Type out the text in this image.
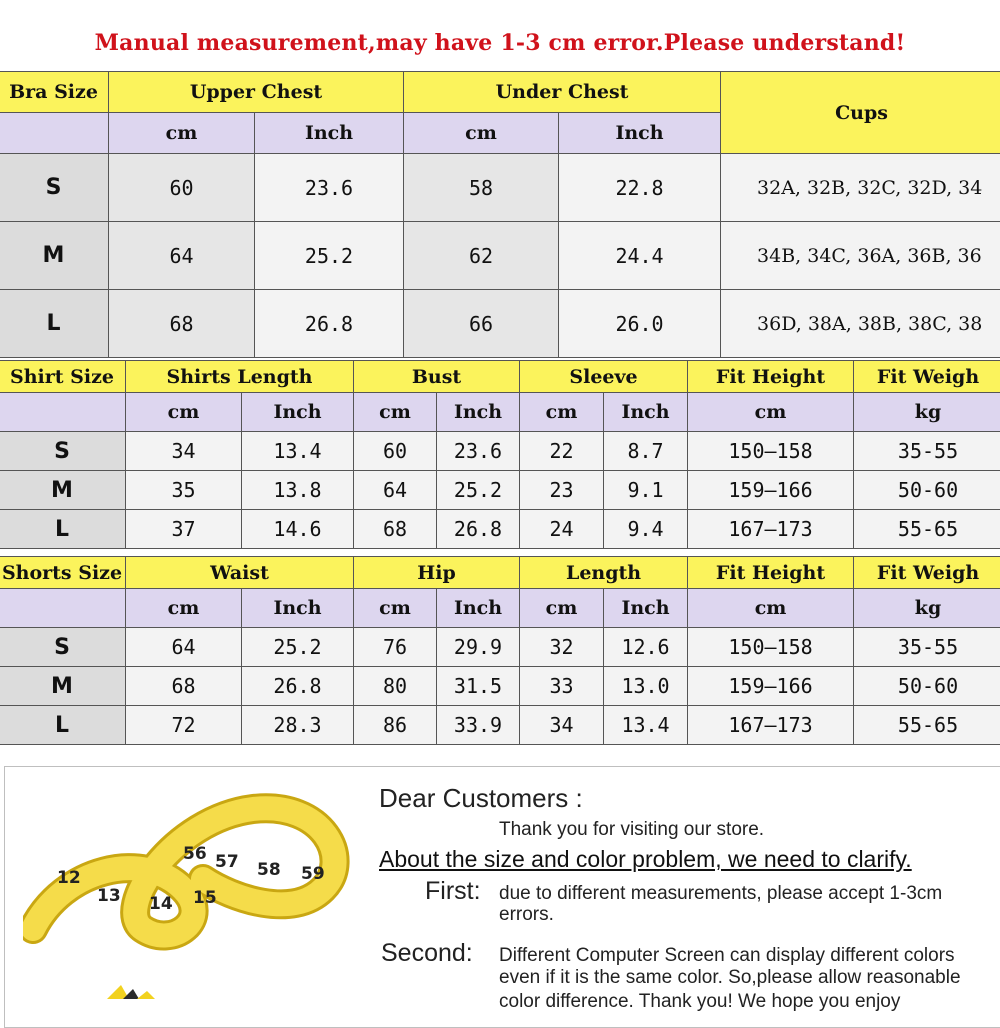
Manual measurement,may have 1-3 cm error.Please understand!
Bra Size	Upper Chest		Under Chest		Cups
	cm	Inch	cm	Inch	
S	60	23.6	58	22.8	32A, 32B, 32C, 32D, 34
M	64	25.2	62	24.4	34B, 34C, 36A, 36B, 36
L	68	26.8	66	26.0	36D, 38A, 38B, 38C, 38
Shirt Size	Shirts Length		Bust		Sleeve		Fit Height	Fit Weigh
	cm	Inch	cm	Inch	cm	Inch	cm	kg
S	34	13.4	60	23.6	22	8.7	150—158	35-55
M	35	13.8	64	25.2	23	9.1	159—166	50-60
L	37	14.6	68	26.8	24	9.4	167—173	55-65
Shorts Size	Waist		Hip		Length		Fit Height	Fit Weigh
	cm	Inch	cm	Inch	cm	Inch	cm	kg
S	64	25.2	76	29.9	32	12.6	150—158	35-55
M	68	26.8	80	31.5	33	13.0	159—166	50-60
L	72	28.3	86	33.9	34	13.4	167—173	55-65
56 57 58 59
12
13 14 15
Dear Customers :
Thank you for visiting our store.
About the size and color problem, we need to clarify.
First: due to different measurements, please accept 1-3cm
errors.
Second: Different Computer Screen can display different colors
even if it is the same color. So,please allow reasonable
color difference. Thank you! We hope you enjoy
